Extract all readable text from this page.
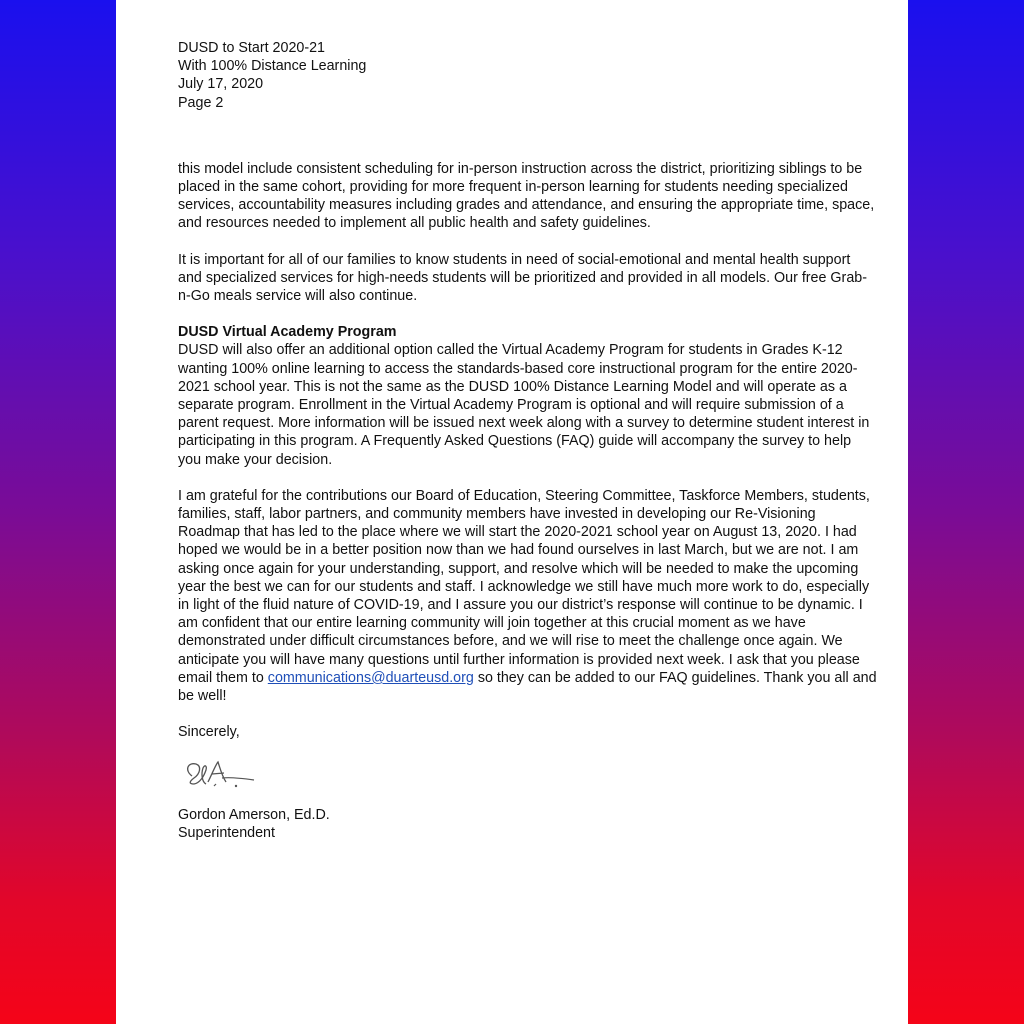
DUSD to Start 2020-21

With 100% Distance Learning

July 17, 2020

Page 2

this model include consistent scheduling for in-person instruction across the district, prioritizing siblings to be placed in the same cohort, providing for more frequent in-person learning for students needing specialized services, accountability measures including grades and attendance, and ensuring the appropriate time, space, and resources needed to implement all public health and safety guidelines.

It is important for all of our families to know students in need of social-emotional and mental health support and specialized services for high-needs students will be prioritized and provided in all models. Our free Grab-n-Go meals service will also continue.

DUSD Virtual Academy Program

DUSD will also offer an additional option called the Virtual Academy Program for students in Grades K-12 wanting 100% online learning to access the standards-based core instructional program for the entire 2020-2021 school year. This is not the same as the DUSD 100% Distance Learning Model and will operate as a separate program. Enrollment in the Virtual Academy Program is optional and will require submission of a parent request. More information will be issued next week along with a survey to determine student interest in participating in this program. A Frequently Asked Questions (FAQ) guide will accompany the survey to help you make your decision.

I am grateful for the contributions our Board of Education, Steering Committee, Taskforce Members, students, families, staff, labor partners, and community members have invested in developing our Re-Visioning Roadmap that has led to the place where we will start the 2020-2021 school year on August 13, 2020. I had hoped we would be in a better position now than we had found ourselves in last March, but we are not. I am asking once again for your understanding, support, and resolve which will be needed to make the upcoming year the best we can for our students and staff. I acknowledge we still have much more work to do, especially in light of the fluid nature of COVID-19, and I assure you our district’s response will continue to be dynamic. I am confident that our entire learning community will join together at this crucial moment as we have demonstrated under difficult circumstances before, and we will rise to meet the challenge once again. We anticipate you will have many questions until further information is provided next week. I ask that you please email them to communications@duarteusd.org so they can be added to our FAQ guidelines. Thank you all and be well!

Sincerely,

Gordon Amerson, Ed.D.

Superintendent
